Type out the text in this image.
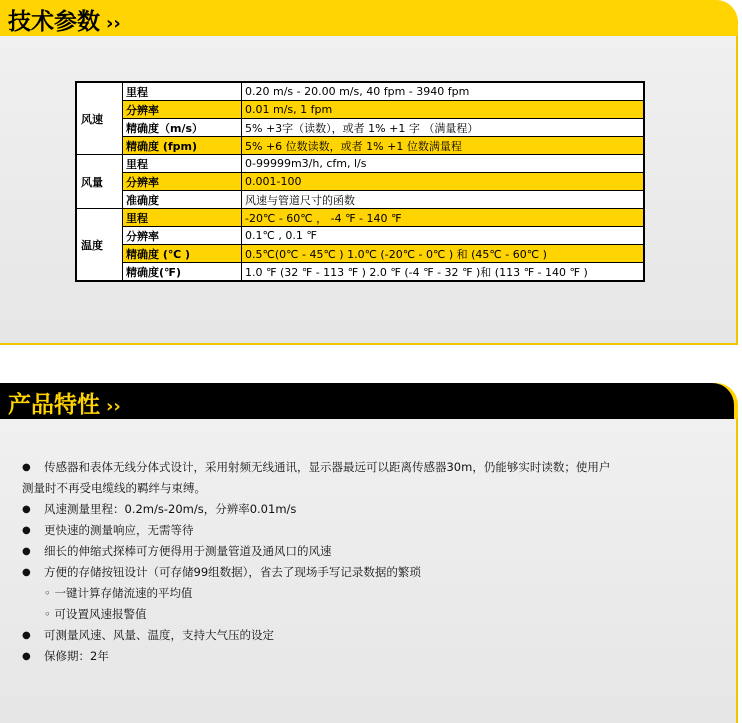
技术参数 ››
风速	里程	0.20 m/s - 20.00 m/s, 40 fpm - 3940 fpm
	分辨率	0.01 m/s, 1 fpm
	精确度（m/s）	5% +3字（读数），或者 1% +1 字 （满量程）
	精确度 (fpm)	5% +6 位数读数，或者 1% +1 位数满量程
风量	里程	0-99999m3/h, cfm, l/s
	分辨率	0.001-100
	准确度	风速与管道尺寸的函数
温度	里程	-20℃ - 60℃ ， -4 ℉ - 140 ℉
	分辨率	0.1℃ , 0.1 ℉
	精确度 (℃ )	0.5℃(0℃ - 45℃ ) 1.0℃ (-20℃ - 0℃ ) 和 (45℃ - 60℃ )
	精确度(℉)	1.0 ℉ (32 ℉ - 113 ℉ ) 2.0 ℉ (-4 ℉ - 32 ℉ )和 (113 ℉ - 140 ℉ )
产品特性 ››
●	传感器和表体无线分体式设计，采用射频无线通讯，显示器最远可以距离传感器30m，仍能够实时读数；使用户
测量时不再受电缆线的羁绊与束缚。
●	风速测量里程：0.2m/s-20m/s，分辨率0.01m/s
●	更快速的测量响应，无需等待
●	细长的伸缩式探棒可方便得用于测量管道及通风口的风速
●	方便的存储按钮设计（可存储99组数据），省去了现场手写记录数据的繁琐
◦ 一键计算存储流速的平均值
◦ 可设置风速报警值
●	可测量风速、风量、温度，支持大气压的设定
●	保修期：2年
